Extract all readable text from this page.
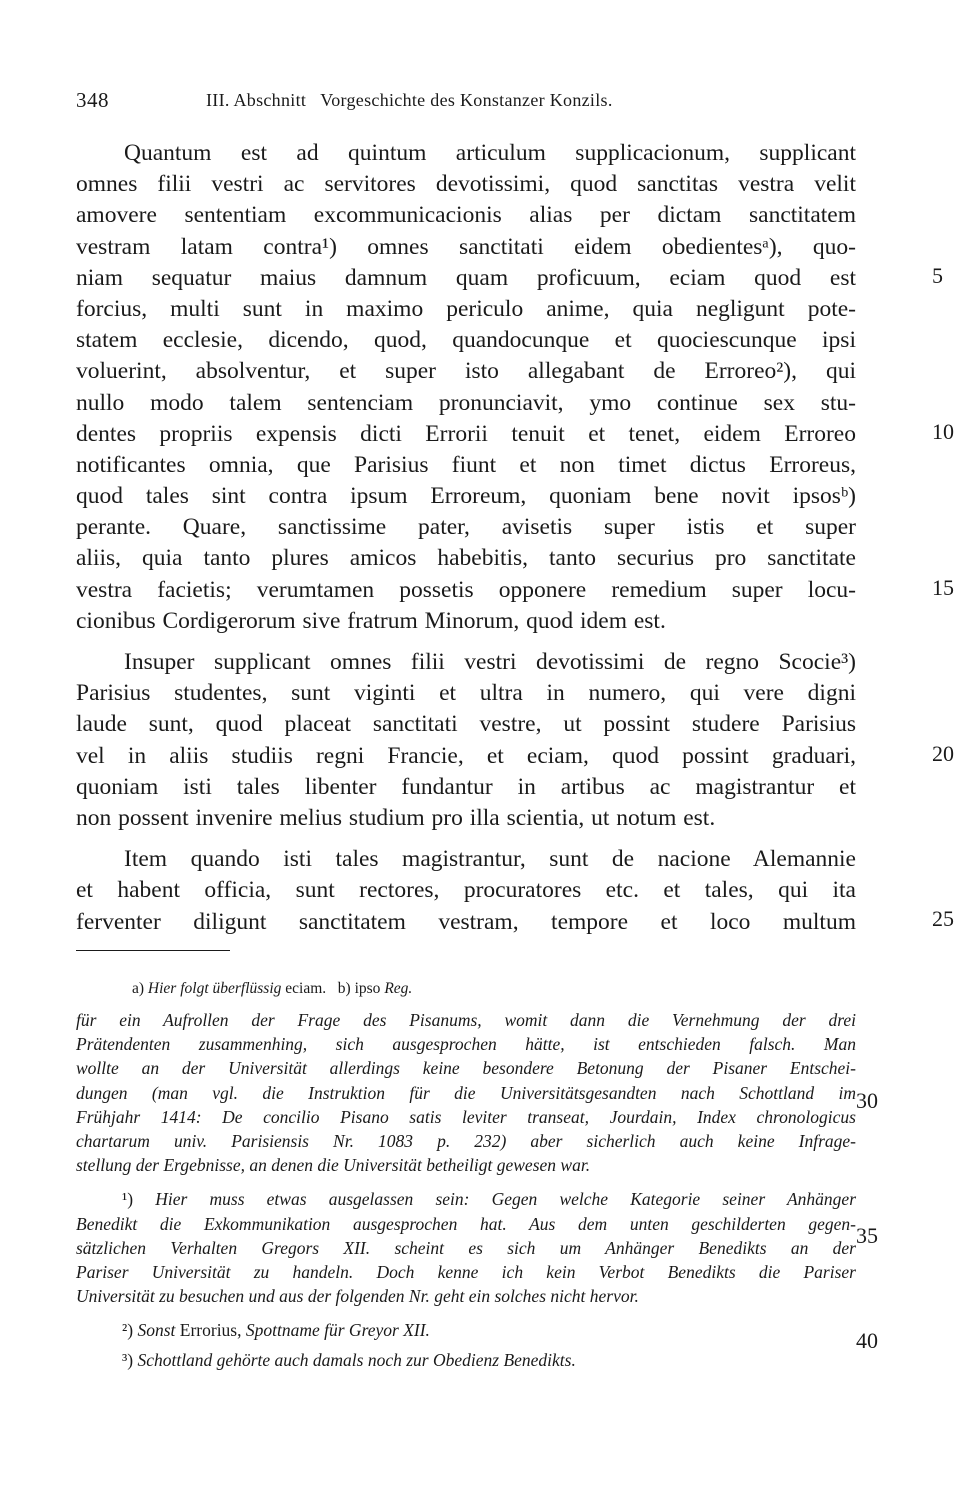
348	III. Abschnitt   Vorgeschichte des Konstanzer Konzils.
Quantum est ad quintum articulum supplicacionum, supplicant
omnes filii vestri ac servitores devotissimi, quod sanctitas vestra velit
amovere sententiam excommunicacionis alias per dictam sanctitatem
vestram latam contra¹) omnes sanctitati eidem obedientesᵃ), quo-
niam sequatur maius damnum quam proficuum, eciam quod est
forcius, multi sunt in maximo periculo anime, quia negligunt pote-
statem ecclesie, dicendo, quod, quandocunque et quociescunque ipsi
voluerint, absolventur, et super isto allegabant de Erroreo²), qui
nullo modo talem sentenciam pronunciavit, ymo continue sex stu-
dentes propriis expensis dicti Errorii tenuit et tenet, eidem Erroreo
notificantes omnia, que Parisius fiunt et non timet dictus Erroreus,
quod tales sint contra ipsum Erroreum, quoniam bene novit ipsosᵇ)
perante. Quare, sanctissime pater, avisetis super istis et super
aliis, quia tanto plures amicos habebitis, tanto securius pro sanctitate
vestra facietis; verumtamen possetis opponere remedium super locu-
cionibus Cordigerorum sive fratrum Minorum, quod idem est.
Insuper supplicant omnes filii vestri devotissimi de regno Scocie³)
Parisius studentes, sunt viginti et ultra in numero, qui vere digni
laude sunt, quod placeat sanctitati vestre, ut possint studere Parisius
vel in aliis studiis regni Francie, et eciam, quod possint graduari,
quoniam isti tales libenter fundantur in artibus ac magistrantur et
non possent invenire melius studium pro illa scientia, ut notum est.
Item quando isti tales magistrantur, sunt de nacione Alemannie
et habent officia, sunt rectores, procuratores etc. et tales, qui ita
ferventer diligunt sanctitatem vestram, tempore et loco multum
5
10
15
20
25
a) Hier folgt überflüssig eciam. b) ipso Reg.
für ein Aufrollen der Frage des Pisanums, womit dann die Vernehmung der drei
Prätendenten zusammenhing, sich ausgesprochen hätte, ist entschieden falsch. Man
wollte an der Universität allerdings keine besondere Betonung der Pisaner Entschei-
dungen (man vgl. die Instruktion für die Universitätsgesandten nach Schottland im
Frühjahr 1414: De concilio Pisano satis leviter transeat, Jourdain, Index chronologicus
chartarum univ. Parisiensis Nr. 1083 p. 232) aber sicherlich auch keine Infrage-
stellung der Ergebnisse, an denen die Universität betheiligt gewesen war.
¹) Hier muss etwas ausgelassen sein: Gegen welche Kategorie seiner Anhänger
Benedikt die Exkommunikation ausgesprochen hat. Aus dem unten geschilderten gegen-
sätzlichen Verhalten Gregors XII. scheint es sich um Anhänger Benedikts an der
Pariser Universität zu handeln. Doch kenne ich kein Verbot Benedikts die Pariser
Universität zu besuchen und aus der folgenden Nr. geht ein solches nicht hervor.
²) Sonst Errorius, Spottname für Greyor XII.
³) Schottland gehörte auch damals noch zur Obedienz Benedikts.
30
35
40
